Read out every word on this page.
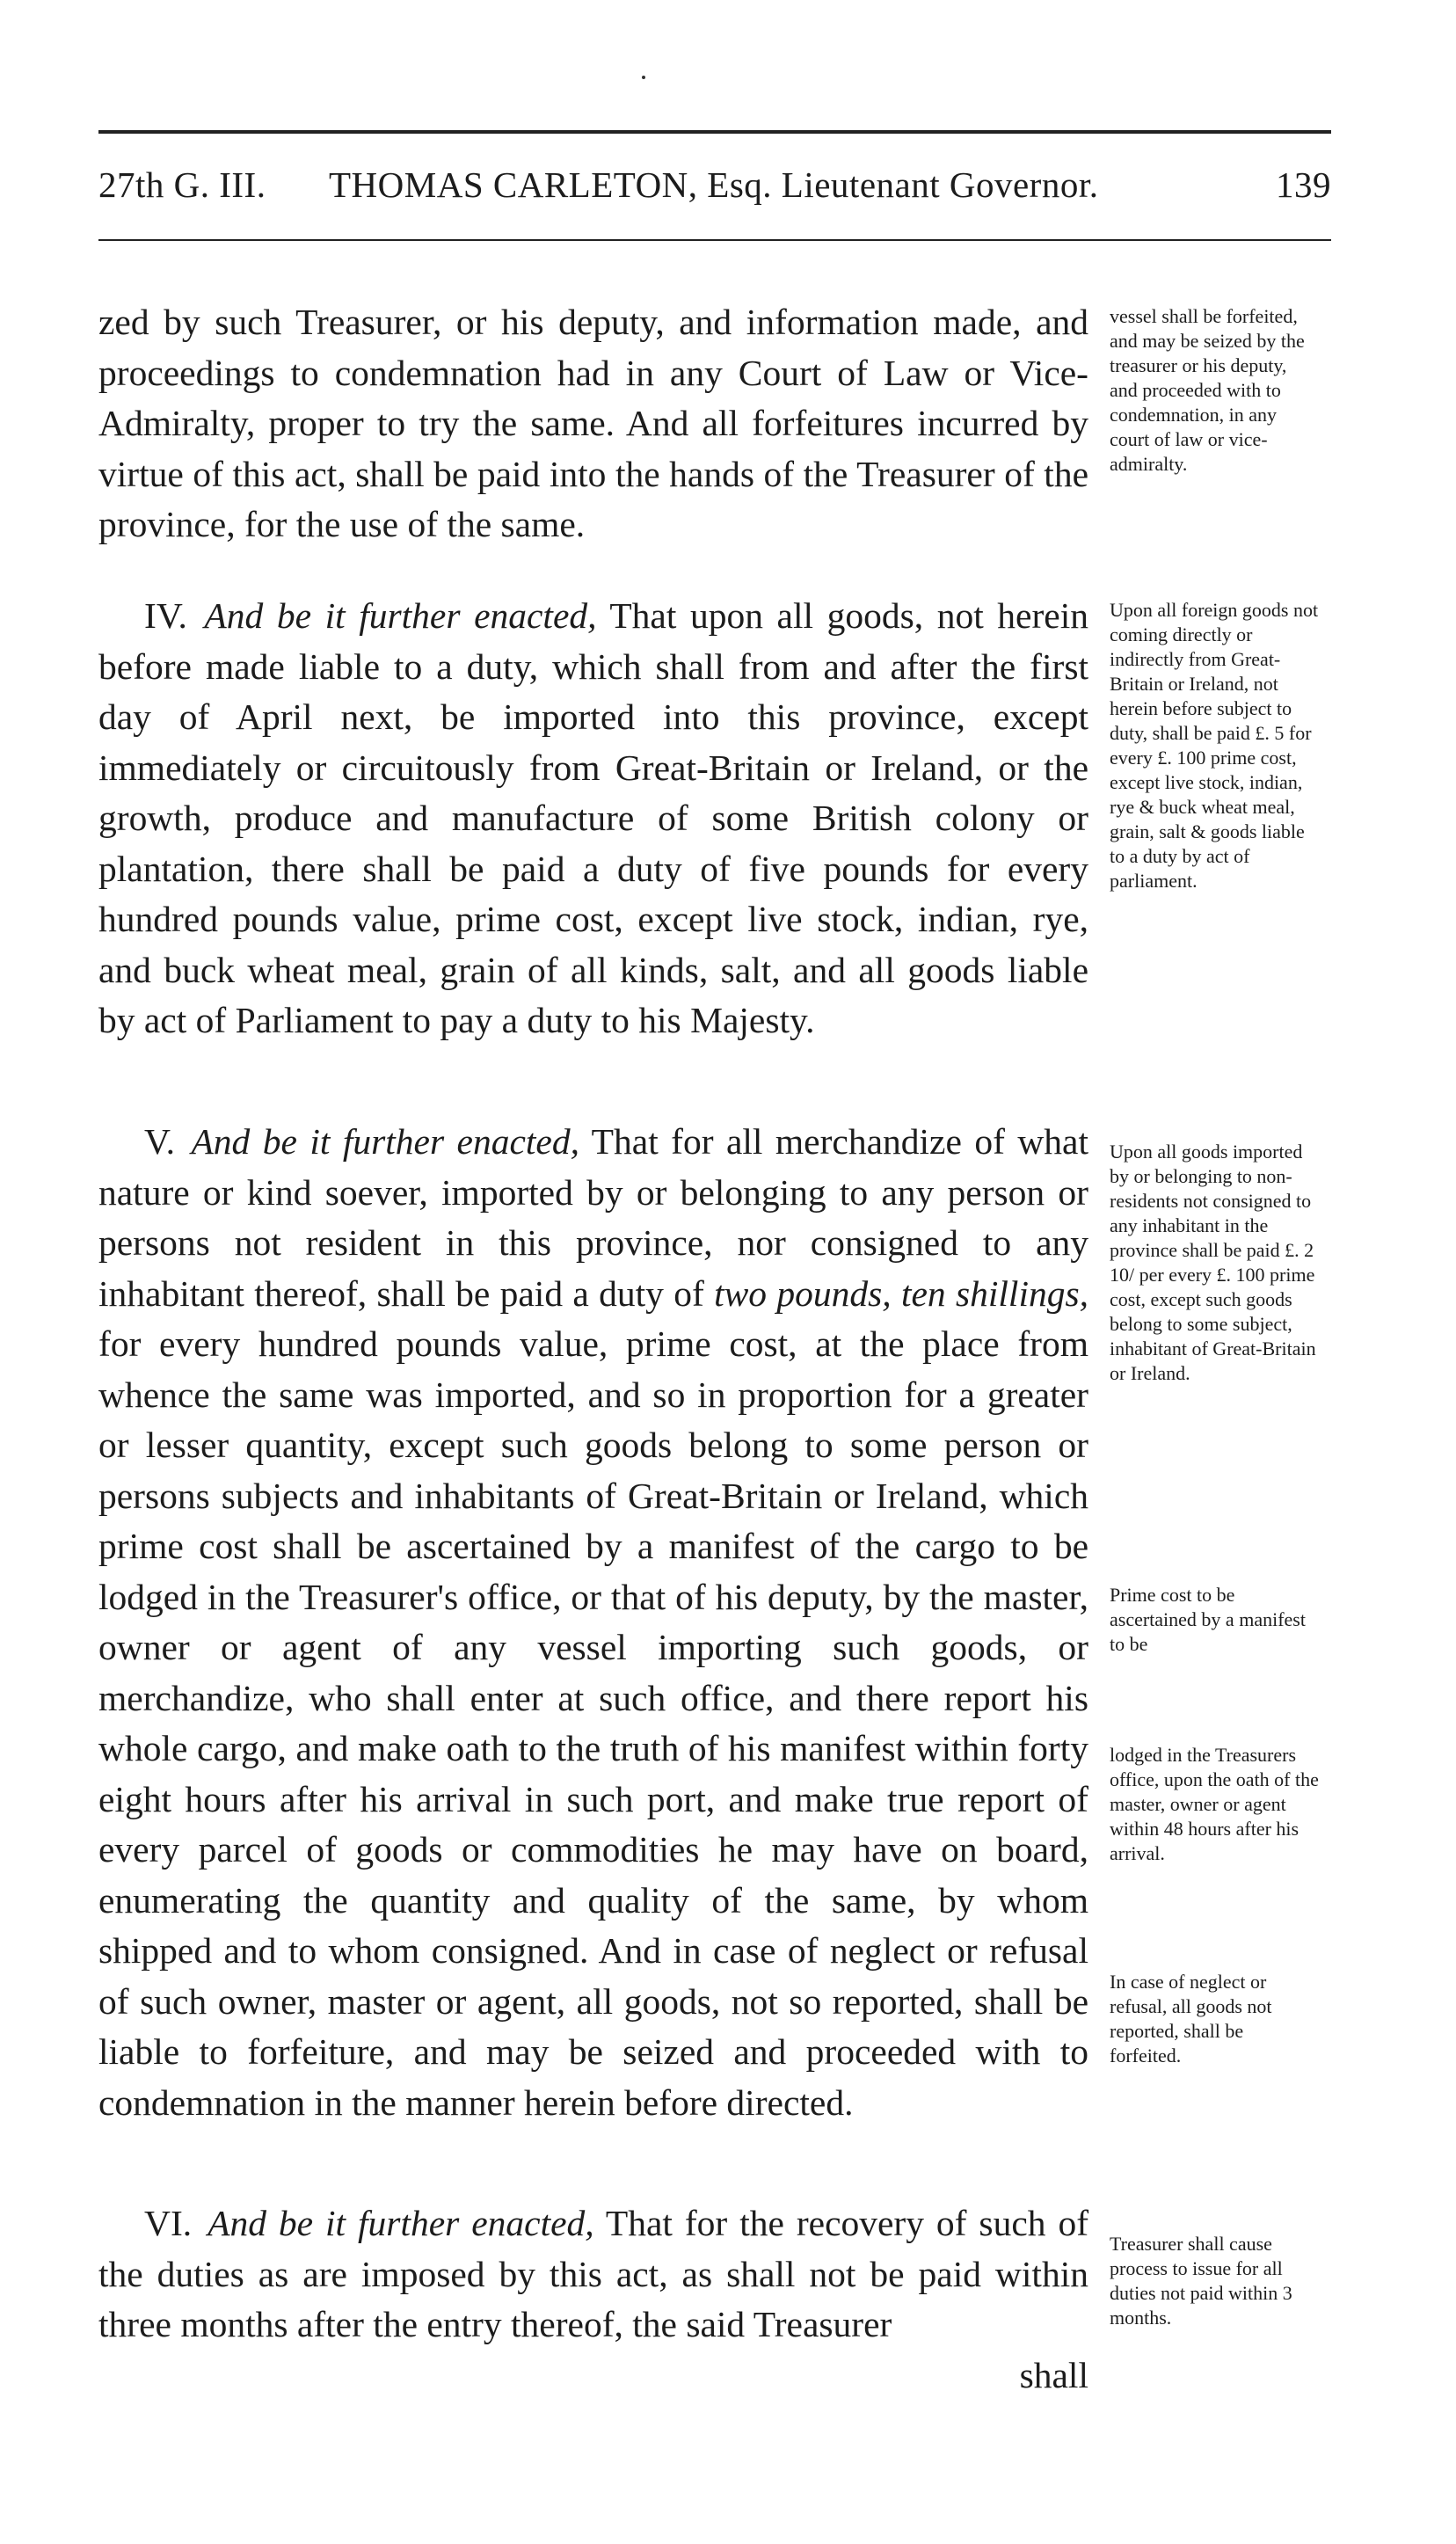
27th G. III. THOMAS CARLETON, Esq. Lieutenant Governor.	139

zed by such Treasurer, or his deputy, and information made, and proceedings to condemnation had in any Court of Law or Vice-Admiralty, proper to try the same. And all forfeitures incurred by virtue of this act, shall be paid into the hands of the Treasurer of the province, for the use of the same.

IV. And be it further enacted, That upon all goods, not herein before made liable to a duty, which shall from and after the first day of April next, be imported into this province, except immediately or circuitously from Great-Britain or Ireland, or the growth, produce and manufacture of some British colony or plantation, there shall be paid a duty of five pounds for every hundred pounds value, prime cost, except live stock, indian, rye, and buck wheat meal, grain of all kinds, salt, and all goods liable by act of Parliament to pay a duty to his Majesty.

V. And be it further enacted, That for all merchandize of what nature or kind soever, imported by or belonging to any person or persons not resident in this province, nor consigned to any inhabitant thereof, shall be paid a duty of two pounds, ten shillings, for every hundred pounds value, prime cost, at the place from whence the same was imported, and so in proportion for a greater or lesser quantity, except such goods belong to some person or persons subjects and inhabitants of Great-Britain or Ireland, which prime cost shall be ascertained by a manifest of the cargo to be lodged in the Treasurer's office, or that of his deputy, by the master, owner or agent of any vessel importing such goods, or merchandize, who shall enter at such office, and there report his whole cargo, and make oath to the truth of his manifest within forty eight hours after his arrival in such port, and make true report of every parcel of goods or commodities he may have on board, enumerating the quantity and quality of the same, by whom shipped and to whom consigned. And in case of neglect or refusal of such owner, master or agent, all goods, not so reported, shall be liable to forfeiture, and may be seized and proceeded with to condemnation in the manner herein before directed.

VI. And be it further enacted, That for the recovery of such of the duties as are imposed by this act, as shall not be paid within three months after the entry thereof, the said Treasurer

shall

vessel shall be forfeited, and may be seized by the treasurer or his deputy, and proceeded with to condemnation, in any court of law or vice-admiralty.

Upon all foreign goods not coming directly or indirectly from Great-Britain or Ireland, not herein before subject to duty, shall be paid £. 5 for every £. 100 prime cost, except live stock, indian, rye & buck wheat meal, grain, salt & goods liable to a duty by act of parliament.

Upon all goods imported by or belonging to non-residents not consigned to any inhabitant in the province shall be paid £. 2 10/ per every £. 100 prime cost, except such goods belong to some subject, inhabitant of Great-Britain or Ireland.

Prime cost to be ascertained by a manifest to be

lodged in the Treasurers office, upon the oath of the master, owner or agent within 48 hours after his arrival.

In case of neglect or refusal, all goods not reported, shall be forfeited.

Treasurer shall cause process to issue for all duties not paid within 3 months.
